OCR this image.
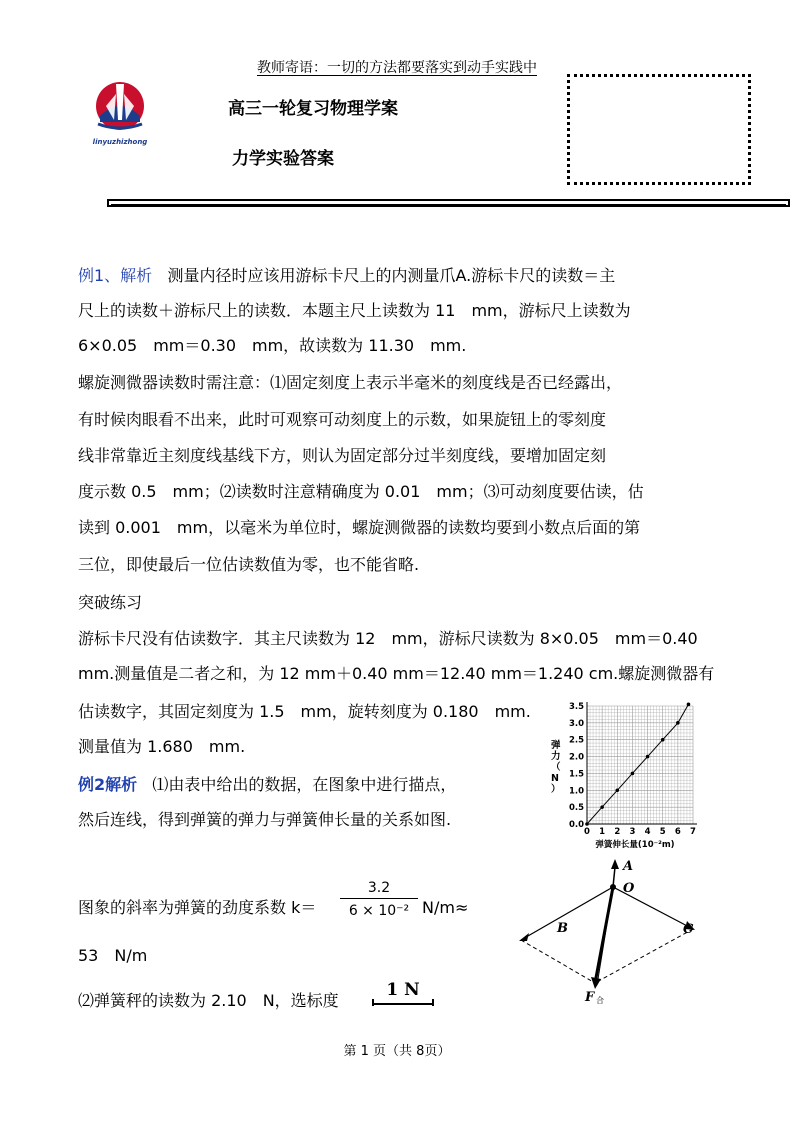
教师寄语：一切的方法都要落实到动手实践中
linyuzhizhong
高三一轮复习物理学案
力学实验答案
例1、解析 测量内径时应该用游标卡尺上的内测量爪A.游标卡尺的读数＝主
尺上的读数＋游标尺上的读数．本题主尺上读数为 11　mm，游标尺上读数为
6×0.05　mm＝0.30　mm，故读数为 11.30　mm.
螺旋测微器读数时需注意：⑴固定刻度上表示半毫米的刻度线是否已经露出，
有时候肉眼看不出来，此时可观察可动刻度上的示数，如果旋钮上的零刻度
线非常靠近主刻度线基线下方，则认为固定部分过半刻度线，要增加固定刻
度示数 0.5　mm；⑵读数时注意精确度为 0.01　mm；⑶可动刻度要估读，估
读到 0.001　mm，以毫米为单位时，螺旋测微器的读数均要到小数点后面的第
三位，即使最后一位估读数值为零，也不能省略.
突破练习
游标卡尺没有估读数字．其主尺读数为 12　mm，游标尺读数为 8×0.05　mm＝0.40
mm.测量值是二者之和，为 12 mm＋0.40 mm＝12.40 mm＝1.240 cm.螺旋测微器有
估读数字，其固定刻度为 1.5　mm，旋转刻度为 0.180　mm.
测量值为 1.680　mm.
例2解析 ⑴由表中给出的数据，在图象中进行描点，
然后连线，得到弹簧的弹力与弹簧伸长量的关系如图.
图象的斜率为弹簧的劲度系数 $k= \frac{3.2}{\text{6 × 10⁻²}} N/m\approx$
53　N/m
⑵弹簧秤的读数为 2.10　N，选标度
1 N
0 1 2 3 4 5 6 7
0.0
0.5
1.0
1.5
2.0
2.5
3.0
3.5
弹簧伸长量(10⁻²m)
弹力（ N ）
A
O
B	C
F 合
第 1 页（共 8页）
